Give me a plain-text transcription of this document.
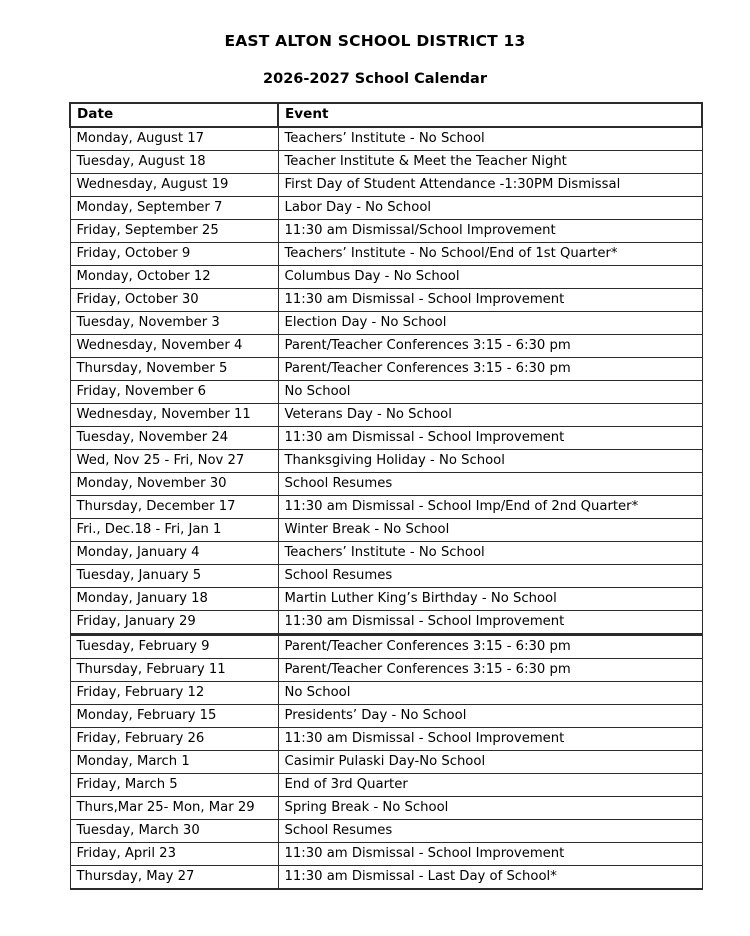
EAST ALTON SCHOOL DISTRICT 13
2026-2027 School Calendar
Date	Event
Monday, August 17	Teachers’ Institute - No School
Tuesday, August 18	Teacher Institute & Meet the Teacher Night
Wednesday, August 19	First Day of Student Attendance -1:30PM Dismissal
Monday, September 7	Labor Day - No School
Friday, September 25	11:30 am Dismissal/School Improvement
Friday, October 9	Teachers’ Institute - No School/End of 1st Quarter*
Monday, October 12	Columbus Day - No School
Friday, October 30	11:30 am Dismissal - School Improvement
Tuesday, November 3	Election Day - No School
Wednesday, November 4	Parent/Teacher Conferences 3:15 - 6:30 pm
Thursday, November 5	Parent/Teacher Conferences 3:15 - 6:30 pm
Friday, November 6	No School
Wednesday, November 11	Veterans Day - No School
Tuesday, November 24	11:30 am Dismissal - School Improvement
Wed, Nov 25 - Fri, Nov 27	Thanksgiving Holiday - No School
Monday, November 30	School Resumes
Thursday, December 17	11:30 am Dismissal - School Imp/End of 2nd Quarter*
Fri., Dec.18 - Fri, Jan 1	Winter Break - No School
Monday, January 4	Teachers’ Institute - No School
Tuesday, January 5	School Resumes
Monday, January 18	Martin Luther King’s Birthday - No School
Friday, January 29	11:30 am Dismissal - School Improvement
Tuesday, February 9	Parent/Teacher Conferences 3:15 - 6:30 pm
Thursday, February 11	Parent/Teacher Conferences 3:15 - 6:30 pm
Friday, February 12	No School
Monday, February 15	Presidents’ Day - No School
Friday, February 26	11:30 am Dismissal - School Improvement
Monday, March 1	Casimir Pulaski Day-No School
Friday, March 5	End of 3rd Quarter
Thurs,Mar 25- Mon, Mar 29	Spring Break - No School
Tuesday, March 30	School Resumes
Friday, April 23	11:30 am Dismissal - School Improvement
Thursday, May 27	11:30 am Dismissal - Last Day of School*
